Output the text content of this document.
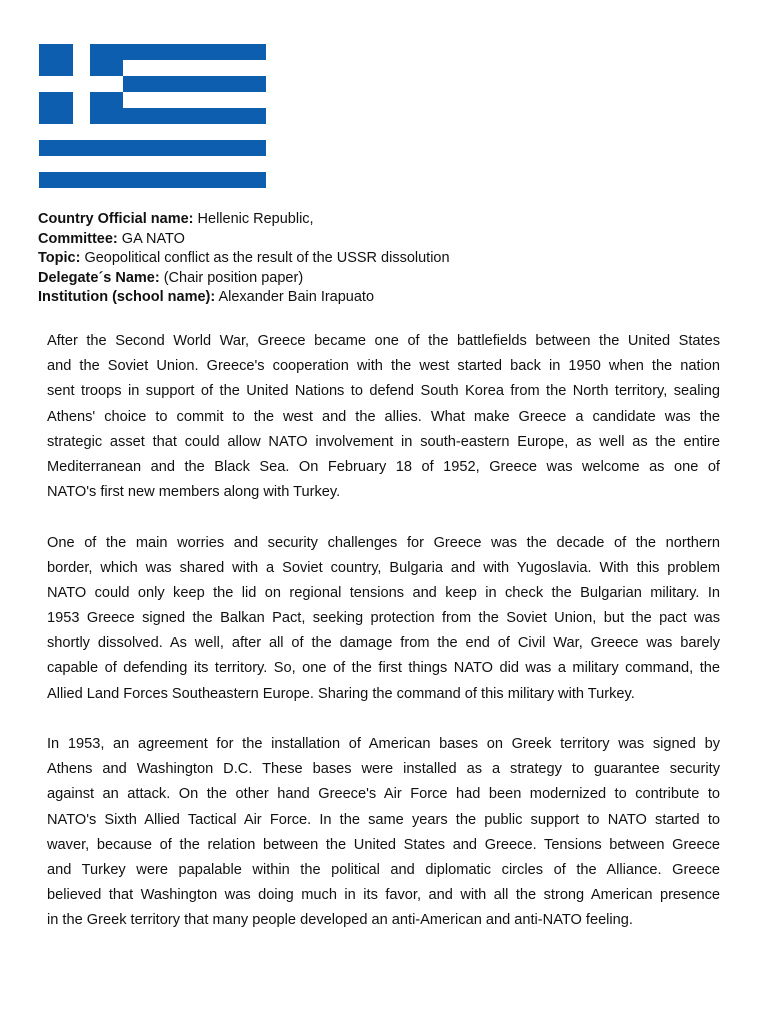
Country Official name: Hellenic Republic,
Committee: GA NATO
Topic: Geopolitical conflict as the result of the USSR dissolution
Delegate´s Name: (Chair position paper)
Institution (school name): Alexander Bain Irapuato
After the Second World War, Greece became one of the battlefields between the United States
and the Soviet Union. Greece's cooperation with the west started back in 1950 when the nation
sent troops in support of the United Nations to defend South Korea from the North territory, sealing
Athens' choice to commit to the west and the allies. What make Greece a candidate was the
strategic asset that could allow NATO involvement in south-eastern Europe, as well as the entire
Mediterranean and the Black Sea. On February 18 of 1952, Greece was welcome as one of
NATO's first new members along with Turkey.
One of the main worries and security challenges for Greece was the decade of the northern
border, which was shared with a Soviet country, Bulgaria and with Yugoslavia. With this problem
NATO could only keep the lid on regional tensions and keep in check the Bulgarian military. In
1953 Greece signed the Balkan Pact, seeking protection from the Soviet Union, but the pact was
shortly dissolved. As well, after all of the damage from the end of Civil War, Greece was barely
capable of defending its territory. So, one of the first things NATO did was a military command, the
Allied Land Forces Southeastern Europe. Sharing the command of this military with Turkey.
In 1953, an agreement for the installation of American bases on Greek territory was signed by
Athens and Washington D.C. These bases were installed as a strategy to guarantee security
against an attack. On the other hand Greece's Air Force had been modernized to contribute to
NATO's Sixth Allied Tactical Air Force. In the same years the public support to NATO started to
waver, because of the relation between the United States and Greece. Tensions between Greece
and Turkey were papalable within the political and diplomatic circles of the Alliance. Greece
believed that Washington was doing much in its favor, and with all the strong American presence
in the Greek territory that many people developed an anti-American and anti-NATO feeling.
